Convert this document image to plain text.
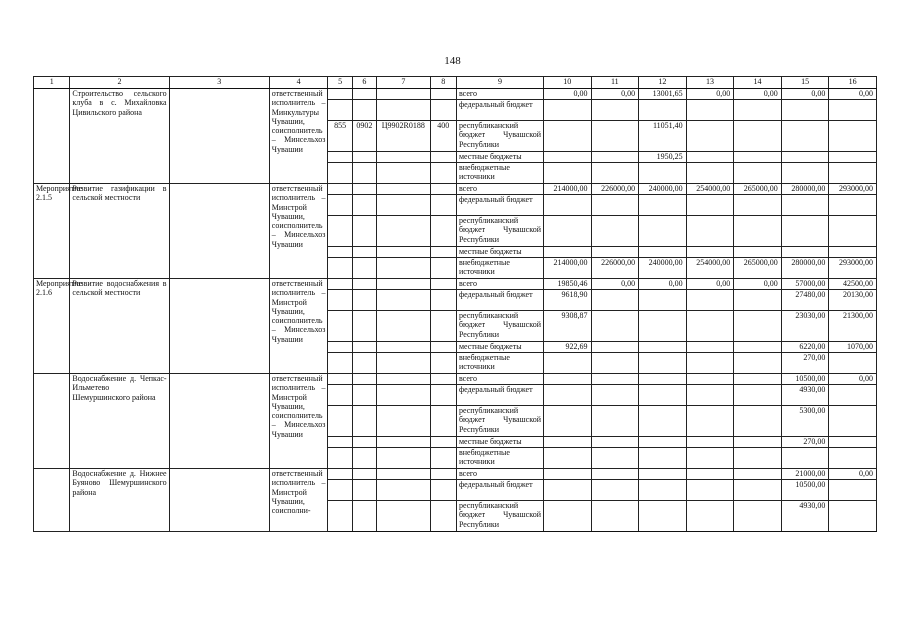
148
1	2	3	4	5	6	7	8	9	10	11	12	13	14	15	16
	Строительство сельского клуба в с. Михайловка Цивильского района		ответственный исполнитель – Минкультуры Чувашии, соисполнитель – Минсельхоз Чувашии					всего	0,00	0,00	13001,65	0,00	0,00	0,00	0,00
								федеральный бюджет							
				855	0902	Ц9902R0188	400	республиканский бюджет Чувашской Республики			11051,40				
								местные бюджеты			1950,25				
								внебюджетные источники							
Мероприятие 2.1.5	Развитие газификации в сельской местности		ответственный исполнитель – Минстрой Чувашии, соисполнитель – Минсельхоз Чувашии					всего	214000,00	226000,00	240000,00	254000,00	265000,00	280000,00	293000,00
								федеральный бюджет							
								республиканский бюджет Чувашской Республики							
								местные бюджеты							
								внебюджетные источники	214000,00	226000,00	240000,00	254000,00	265000,00	280000,00	293000,00
Мероприятие 2.1.6	Развитие водоснабжения в сельской местности		ответственный исполнитель – Минстрой Чувашии, соисполнитель – Минсельхоз Чувашии					всего	19850,46	0,00	0,00	0,00	0,00	57000,00	42500,00
								федеральный бюджет	9618,90					27480,00	20130,00
								республиканский бюджет Чувашской Республики	9308,87					23030,00	21300,00
								местные бюджеты	922,69					6220,00	1070,00
								внебюджетные источники						270,00	
	Водоснабжение д. Чепкас-Ильметево Шемуршинского района		ответственный исполнитель – Минстрой Чувашии, соисполнитель – Минсельхоз Чувашии					всего						10500,00	0,00
								федеральный бюджет						4930,00	
								республиканский бюджет Чувашской Республики						5300,00	
								местные бюджеты						270,00	
								внебюджетные источники							
	Водоснабжение д. Нижнее Буяново Шемуршинского района		ответственный исполнитель – Минстрой Чувашии, соисполни-					всего						21000,00	0,00
								федеральный бюджет						10500,00	
								республиканский бюджет Чувашской Республики						4930,00	
